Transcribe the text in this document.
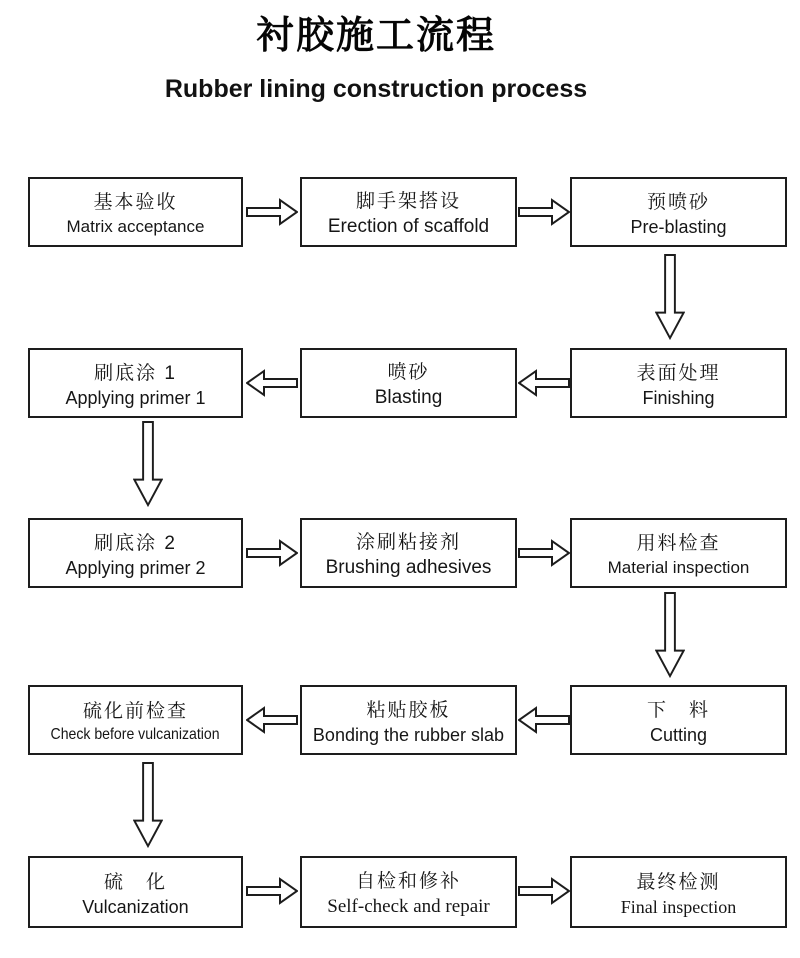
衬胶施工流程
Rubber lining construction process
基本验收
Matrix acceptance
脚手架搭设
Erection of scaffold
预喷砂
Pre-blasting
表面处理
Finishing
喷砂
Blasting
刷底涂 1
Applying primer 1
刷底涂 2
Applying primer 2
涂刷粘接剂
Brushing adhesives
用料检查
Material inspection
下　料
Cutting
粘贴胶板
Bonding the rubber slab
硫化前检查
Check before vulcanization
硫　化
Vulcanization
自检和修补
Self-check and repair
最终检测
Final inspection
